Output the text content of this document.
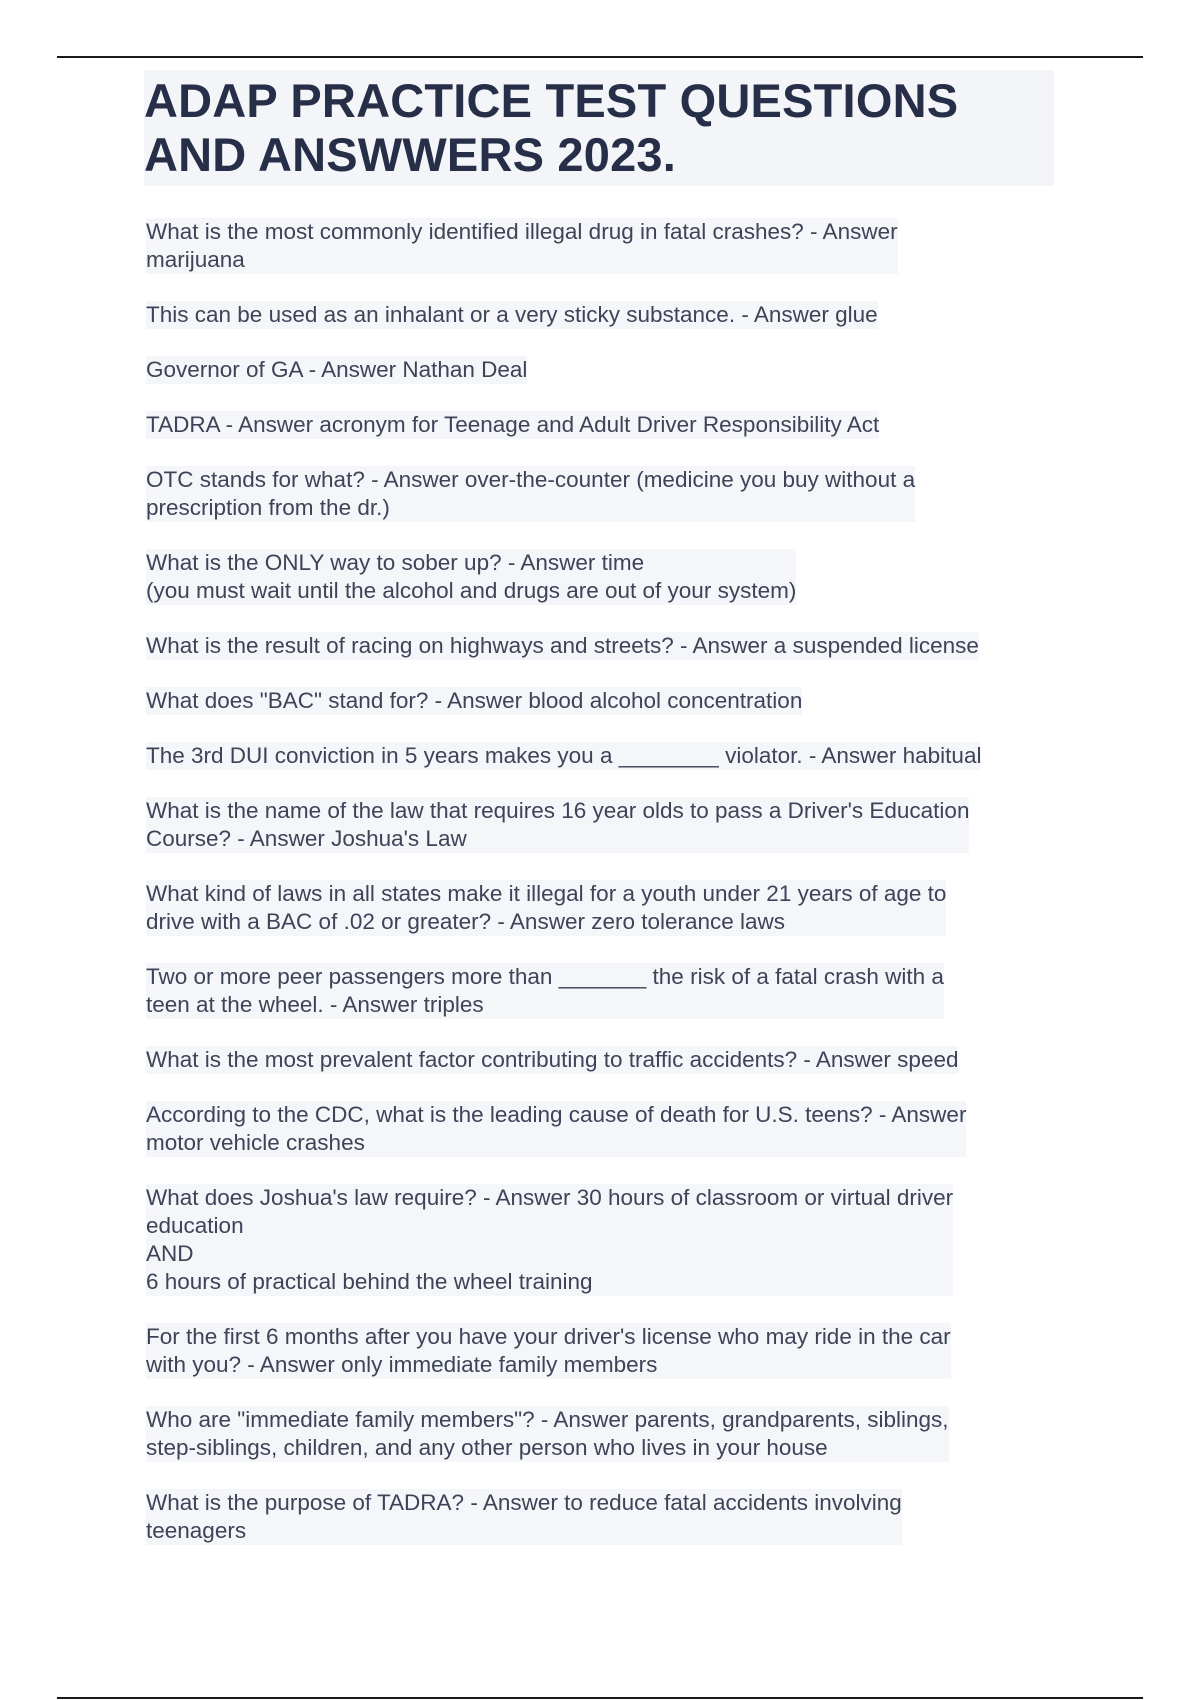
ADAP PRACTICE TEST QUESTIONS
AND ANSWWERS 2023.
What is the most commonly identified illegal drug in fatal crashes? - Answer
marijuana
This can be used as an inhalant or a very sticky substance. - Answer glue
Governor of GA - Answer Nathan Deal
TADRA - Answer acronym for Teenage and Adult Driver Responsibility Act
OTC stands for what? - Answer over-the-counter (medicine you buy without a
prescription from the dr.)
What is the ONLY way to sober up? - Answer time
(you must wait until the alcohol and drugs are out of your system)
What is the result of racing on highways and streets? - Answer a suspended license
What does "BAC" stand for? - Answer blood alcohol concentration
The 3rd DUI conviction in 5 years makes you a ________ violator. - Answer habitual
What is the name of the law that requires 16 year olds to pass a Driver's Education
Course? - Answer Joshua's Law
What kind of laws in all states make it illegal for a youth under 21 years of age to
drive with a BAC of .02 or greater? - Answer zero tolerance laws
Two or more peer passengers more than _______ the risk of a fatal crash with a
teen at the wheel. - Answer triples
What is the most prevalent factor contributing to traffic accidents? - Answer speed
According to the CDC, what is the leading cause of death for U.S. teens? - Answer
motor vehicle crashes
What does Joshua's law require? - Answer 30 hours of classroom or virtual driver
education
AND
6 hours of practical behind the wheel training
For the first 6 months after you have your driver's license who may ride in the car
with you? - Answer only immediate family members
Who are "immediate family members"? - Answer parents, grandparents, siblings,
step-siblings, children, and any other person who lives in your house
What is the purpose of TADRA? - Answer to reduce fatal accidents involving
teenagers
